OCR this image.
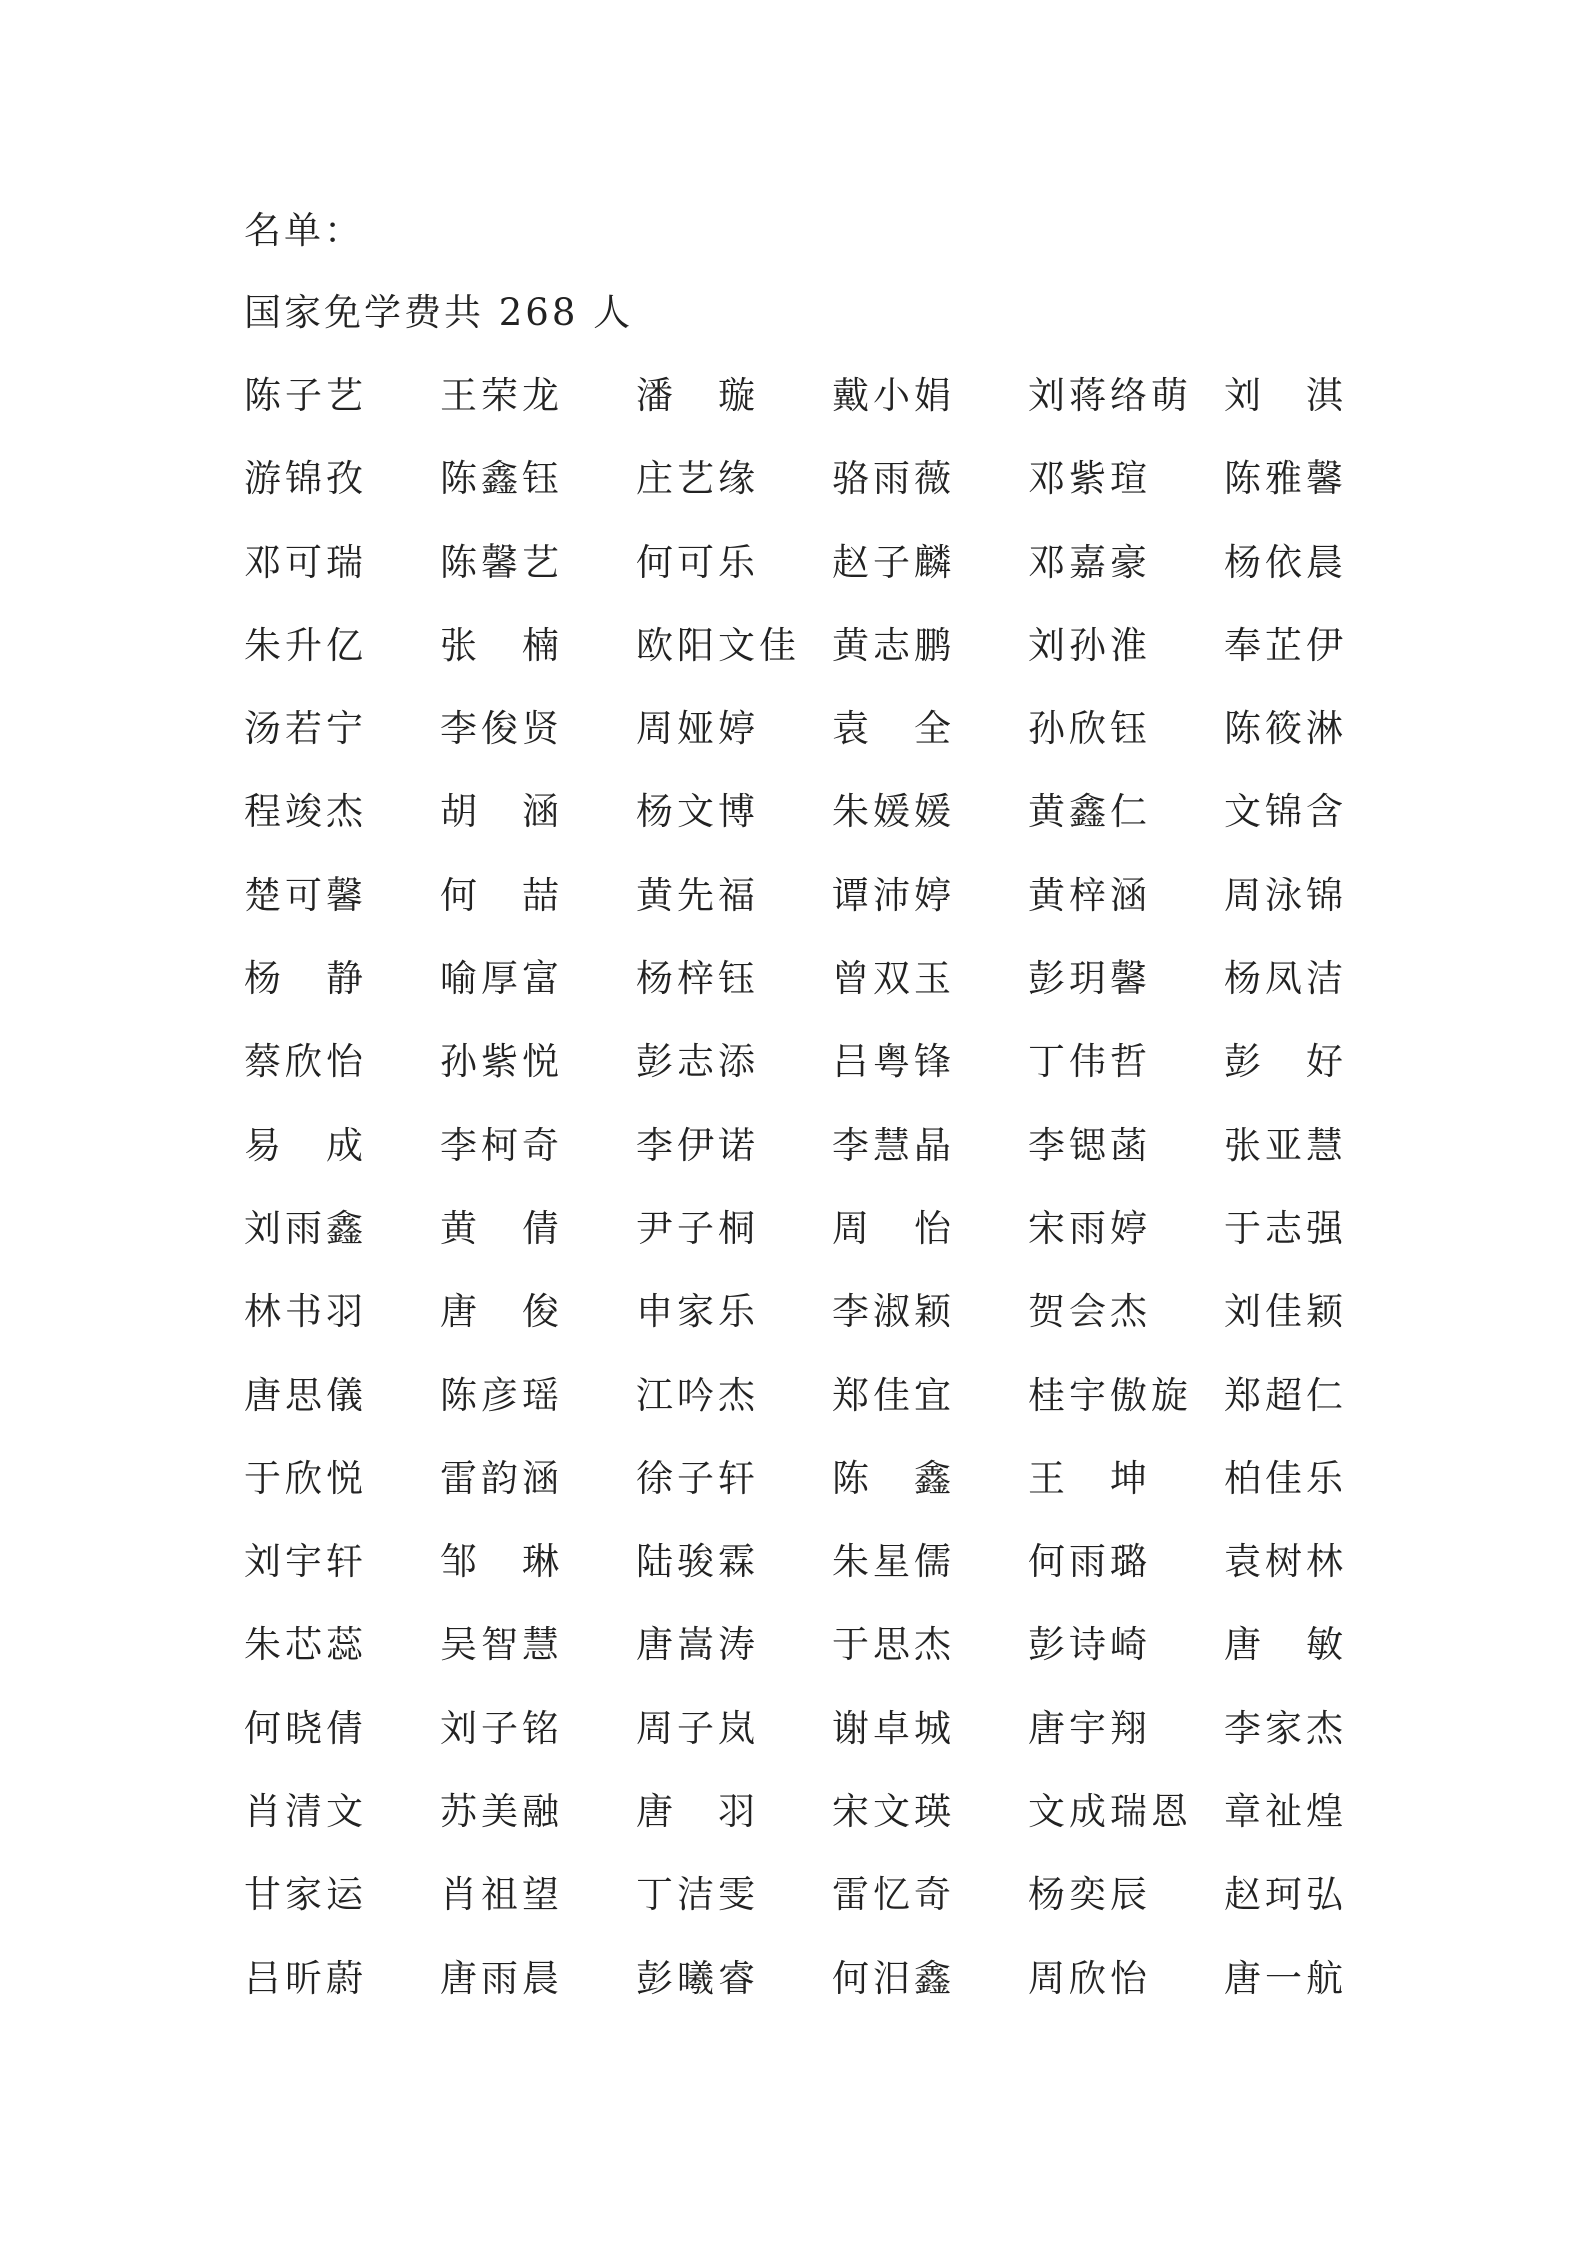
名单：
国家免学费共 268 人
陈子艺 王荣龙 潘　璇 戴小娟 刘蒋络萌 刘　淇
游锦孜 陈鑫钰 庄艺缘 骆雨薇 邓紫瑄 陈雅馨
邓可瑞 陈馨艺 何可乐 赵子麟 邓嘉豪 杨依晨
朱升亿 张　楠 欧阳文佳 黄志鹏 刘孙淮 奉芷伊
汤若宁 李俊贤 周娅婷 袁　全 孙欣钰 陈筱淋
程竣杰 胡　涵 杨文博 朱媛媛 黄鑫仁 文锦含
楚可馨 何　喆 黄先福 谭沛婷 黄梓涵 周泳锦
杨　静 喻厚富 杨梓钰 曾双玉 彭玥馨 杨凤洁
蔡欣怡 孙紫悦 彭志添 吕粤锋 丁伟哲 彭　好
易　成 李柯奇 李伊诺 李慧晶 李锶菡 张亚慧
刘雨鑫 黄　倩 尹子桐 周　怡 宋雨婷 于志强
林书羽 唐　俊 申家乐 李淑颖 贺会杰 刘佳颖
唐思儀 陈彦瑶 江吟杰 郑佳宜 桂宇傲旋 郑超仁
于欣悦 雷韵涵 徐子轩 陈　鑫 王　坤 柏佳乐
刘宇轩 邹　琳 陆骏霖 朱星儒 何雨璐 袁树林
朱芯蕊 吴智慧 唐嵩涛 于思杰 彭诗崎 唐　敏
何晓倩 刘子铭 周子岚 谢卓城 唐宇翔 李家杰
肖清文 苏美融 唐　羽 宋文瑛 文成瑞恩 章祉煌
甘家运 肖祖望 丁洁雯 雷忆奇 杨奕辰 赵珂弘
吕昕蔚 唐雨晨 彭曦睿 何汨鑫 周欣怡 唐一航
